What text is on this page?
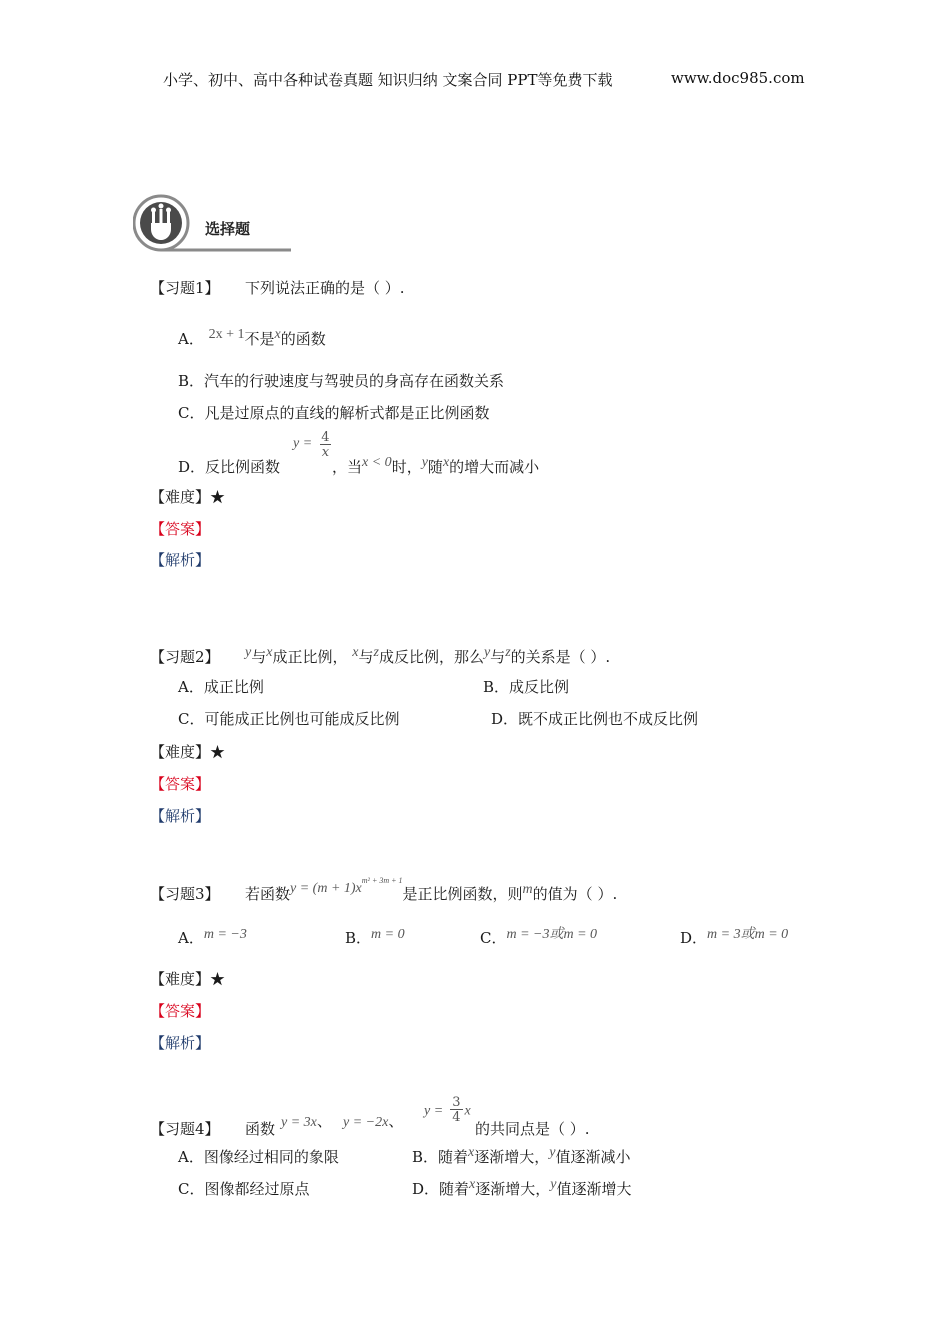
小学、初中、高中各种试卷真题 知识归纳 文案合同 PPT等免费下载	www.doc985.com
选择题
【习题1】 下列说法正确的是（ ）.
A． 2x + 1不是x的函数
B．汽车的行驶速度与驾驶员的身高存在函数关系
C．凡是过原点的直线的解析式都是正比例函数
D．反比例函数
$y = \frac{4}{x}$
，当x < 0时，y随x的增大而减小
【难度】★
【答案】
【解析】
【习题2】 y与x成正比例， x与z成反比例，那么y与z的关系是（ ）.
A．成正比例	B．成反比例
C．可能成正比例也可能成反比例	D．既不成正比例也不成反比例
【难度】★
【答案】
【解析】
【习题3】 若函数$y = (m + 1)x^{m^2 + 3m + 1}$是正比例函数，则m的值为（ ）.
A．m = −3	B．m = 0	C．m = −3或m = 0	D．m = 3或m = 0
【难度】★
【答案】
【解析】
【习题4】 函数 y = 3x、 y = −2x、
$y = \frac{3}{4}$ x
的共同点是（ ）.
A．图像经过相同的象限	B．随着x逐渐增大，y值逐渐减小
C．图像都经过原点	D．随着x逐渐增大，y值逐渐增大
